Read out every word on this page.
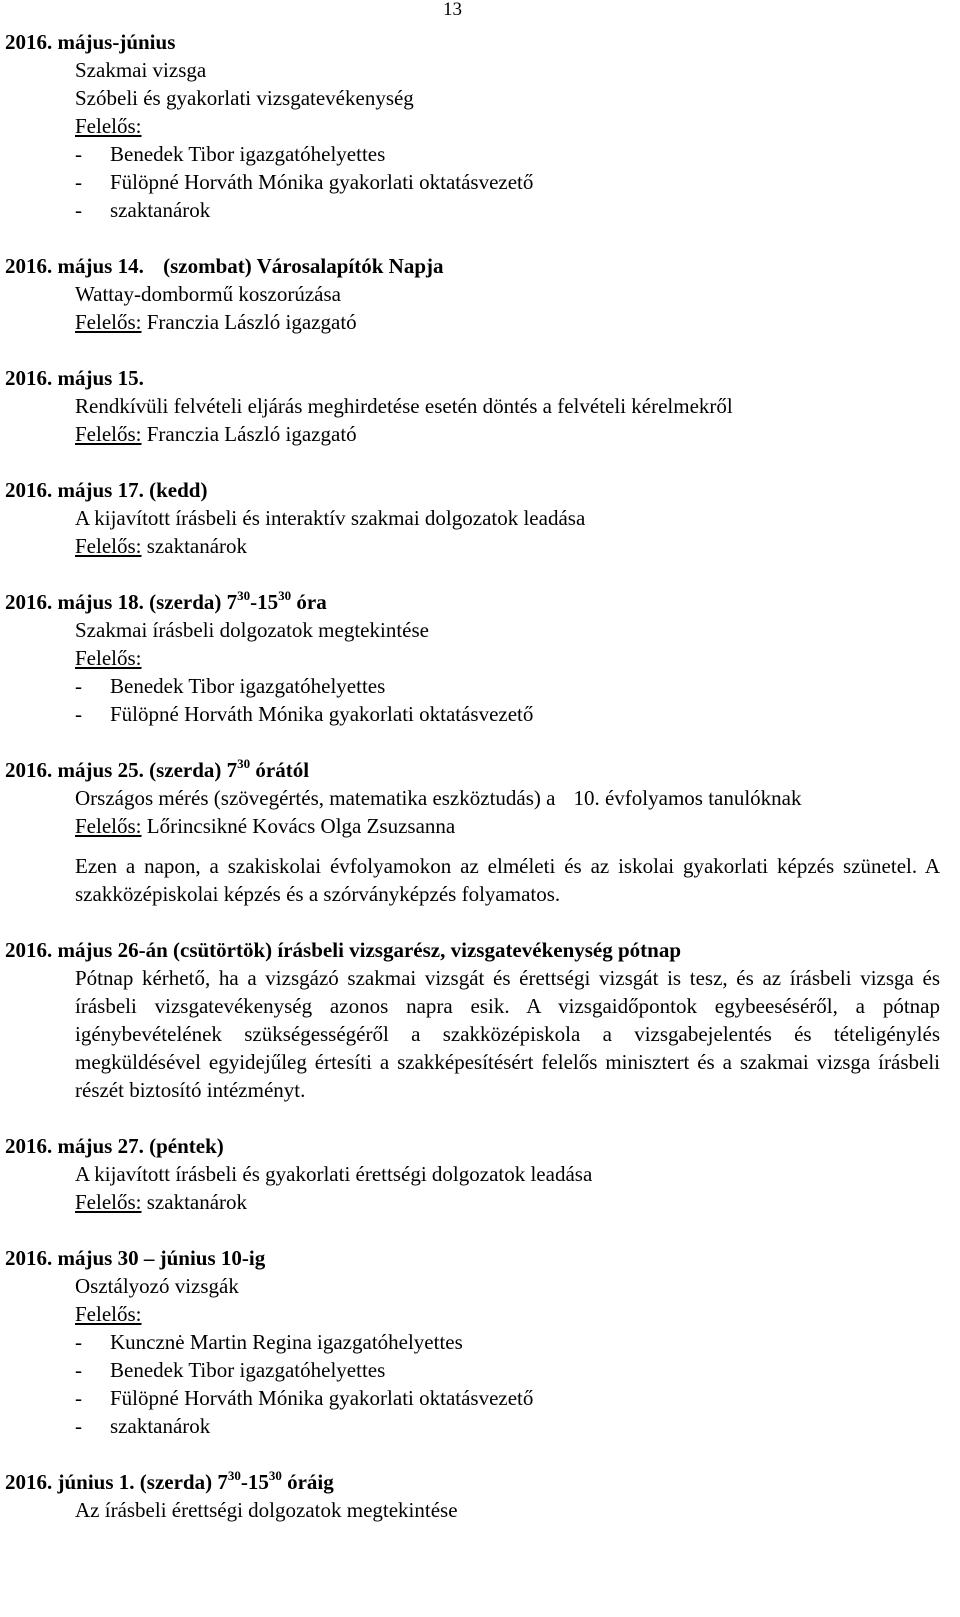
13
2016. május-június
Szakmai vizsga
Szóbeli és gyakorlati vizsgatevékenység
Felelős:
- Benedek Tibor igazgatóhelyettes
- Fülöpné Horváth Mónika gyakorlati oktatásvezető
- szaktanárok
2016. május 14. (szombat) Városalapítók Napja
Wattay-dombormű koszorúzása
Felelős: Franczia László igazgató
2016. május 15.
Rendkívüli felvételi eljárás meghirdetése esetén döntés a felvételi kérelmekről
Felelős: Franczia László igazgató
2016. május 17. (kedd)
A kijavított írásbeli és interaktív szakmai dolgozatok leadása
Felelős: szaktanárok
2016. május 18. (szerda) $7^{30}-15^{30}$ óra
Szakmai írásbeli dolgozatok megtekintése
Felelős:
- Benedek Tibor igazgatóhelyettes
- Fülöpné Horváth Mónika gyakorlati oktatásvezető
2016. május 25. (szerda) $7^{30}$ órától
Országos mérés (szövegértés, matematika eszköztudás) a 10. évfolyamos tanulóknak
Felelős: Lőrincsikné Kovács Olga Zsuzsanna
Ezen a napon, a szakiskolai évfolyamokon az elméleti és az iskolai gyakorlati képzés szünetel. A szakközépiskolai képzés és a szórványképzés folyamatos.
2016. május 26-án (csütörtök) írásbeli vizsgarész, vizsgatevékenység pótnap
Pótnap kérhető, ha a vizsgázó szakmai vizsgát és érettségi vizsgát is tesz, és az írásbeli vizsga és írásbeli vizsgatevékenység azonos napra esik. A vizsgaidőpontok egybeeséséről, a pótnap igénybevételének szükségességéről a szakközépiskola a vizsgabejelentés és tételigénylés megküldésével egyidejűleg értesíti a szakképesítésért felelős minisztert és a szakmai vizsga írásbeli részét biztosító intézményt.
2016. május 27. (péntek)
A kijavított írásbeli és gyakorlati érettségi dolgozatok leadása
Felelős: szaktanárok
2016. május 30 – június 10-ig
Osztályozó vizsgák
Felelős:
- Kuncznė Martin Regina igazgatóhelyettes
- Benedek Tibor igazgatóhelyettes
- Fülöpné Horváth Mónika gyakorlati oktatásvezető
- szaktanárok
2016. június 1. (szerda) $7^{30}-15^{30}$ óráig
Az írásbeli érettségi dolgozatok megtekintése
